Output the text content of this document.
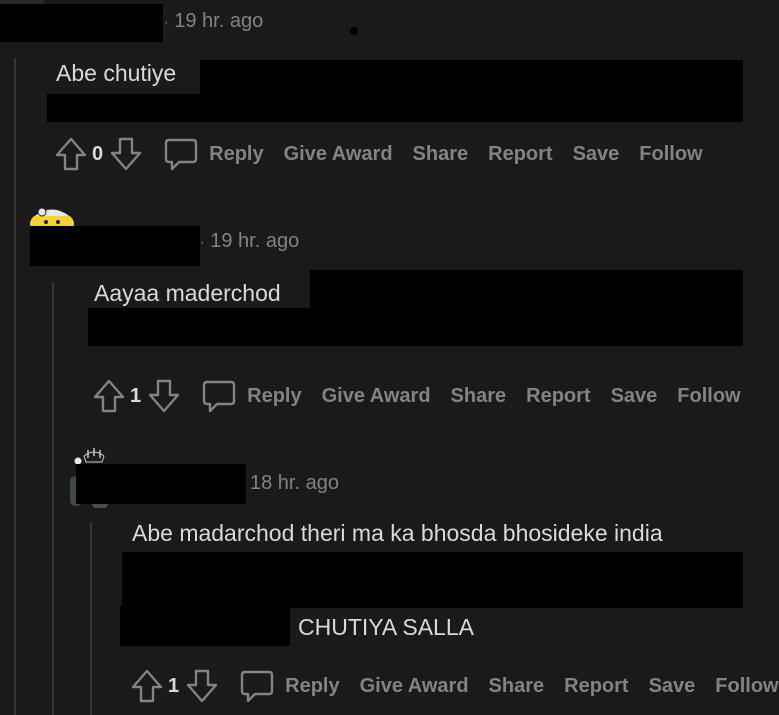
· 19 hr. ago
Abe chutiye
0	Reply Give Award Share Report Save Follow
· 19 hr. ago
Aayaa maderchod
1	Reply Give Award Share Report Save Follow
18 hr. ago
Abe madarchod theri ma ka bhosda bhosideke india
CHUTIYA SALLA
1	Reply Give Award Share Report Save Follow
